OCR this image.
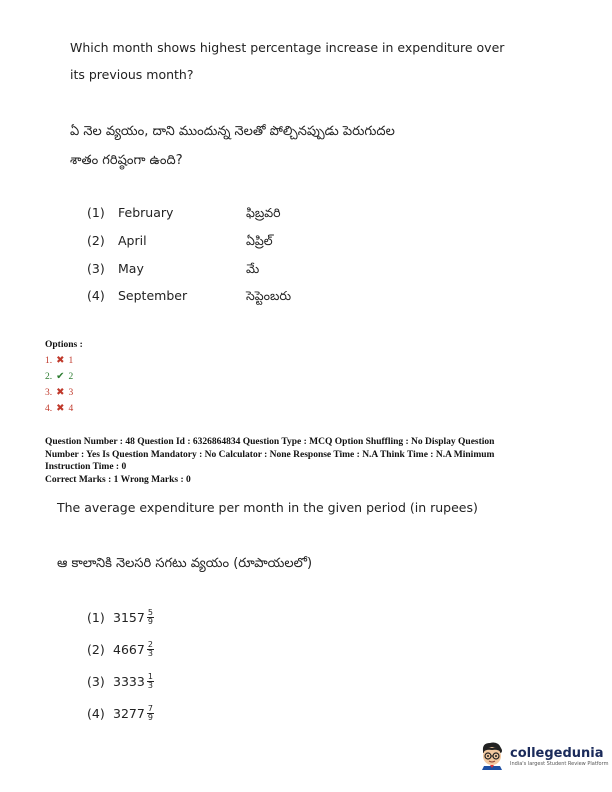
Which month shows highest percentage increase in expenditure over
its previous month?
ఏ నెల వ్యయం, దాని ముందున్న నెలతో పోల్చినప్పుడు పెరుగుదల
శాతం గరిష్ఠంగా ఉంది?
(1) February	ఫిబ్రవరి
(2) April	ఏప్రిల్
(3) May	మే
(4) September	సెప్టెంబరు
Options :
1. ✖ 1
2. ✔ 2
3. ✖ 3
4. ✖ 4
Question Number : 48 Question Id : 6326864834 Question Type : MCQ Option Shuffling : No Display Question
Number : Yes Is Question Mandatory : No Calculator : None Response Time : N.A Think Time : N.A Minimum
Instruction Time : 0
Correct Marks : 1 Wrong Marks : 0
The average expenditure per month in the given period (in rupees)
ఆ కాలానికి నెలసరి సగటు వ్యయం (రూపాయలలో)
(1) $3157 \frac{5}{9}$
(2) $4667 \frac{2}{3}$
(3) $3333 \frac{1}{3}$
(4) $3277 \frac{7}{9}$
collegedunia
India's largest Student Review Platform
